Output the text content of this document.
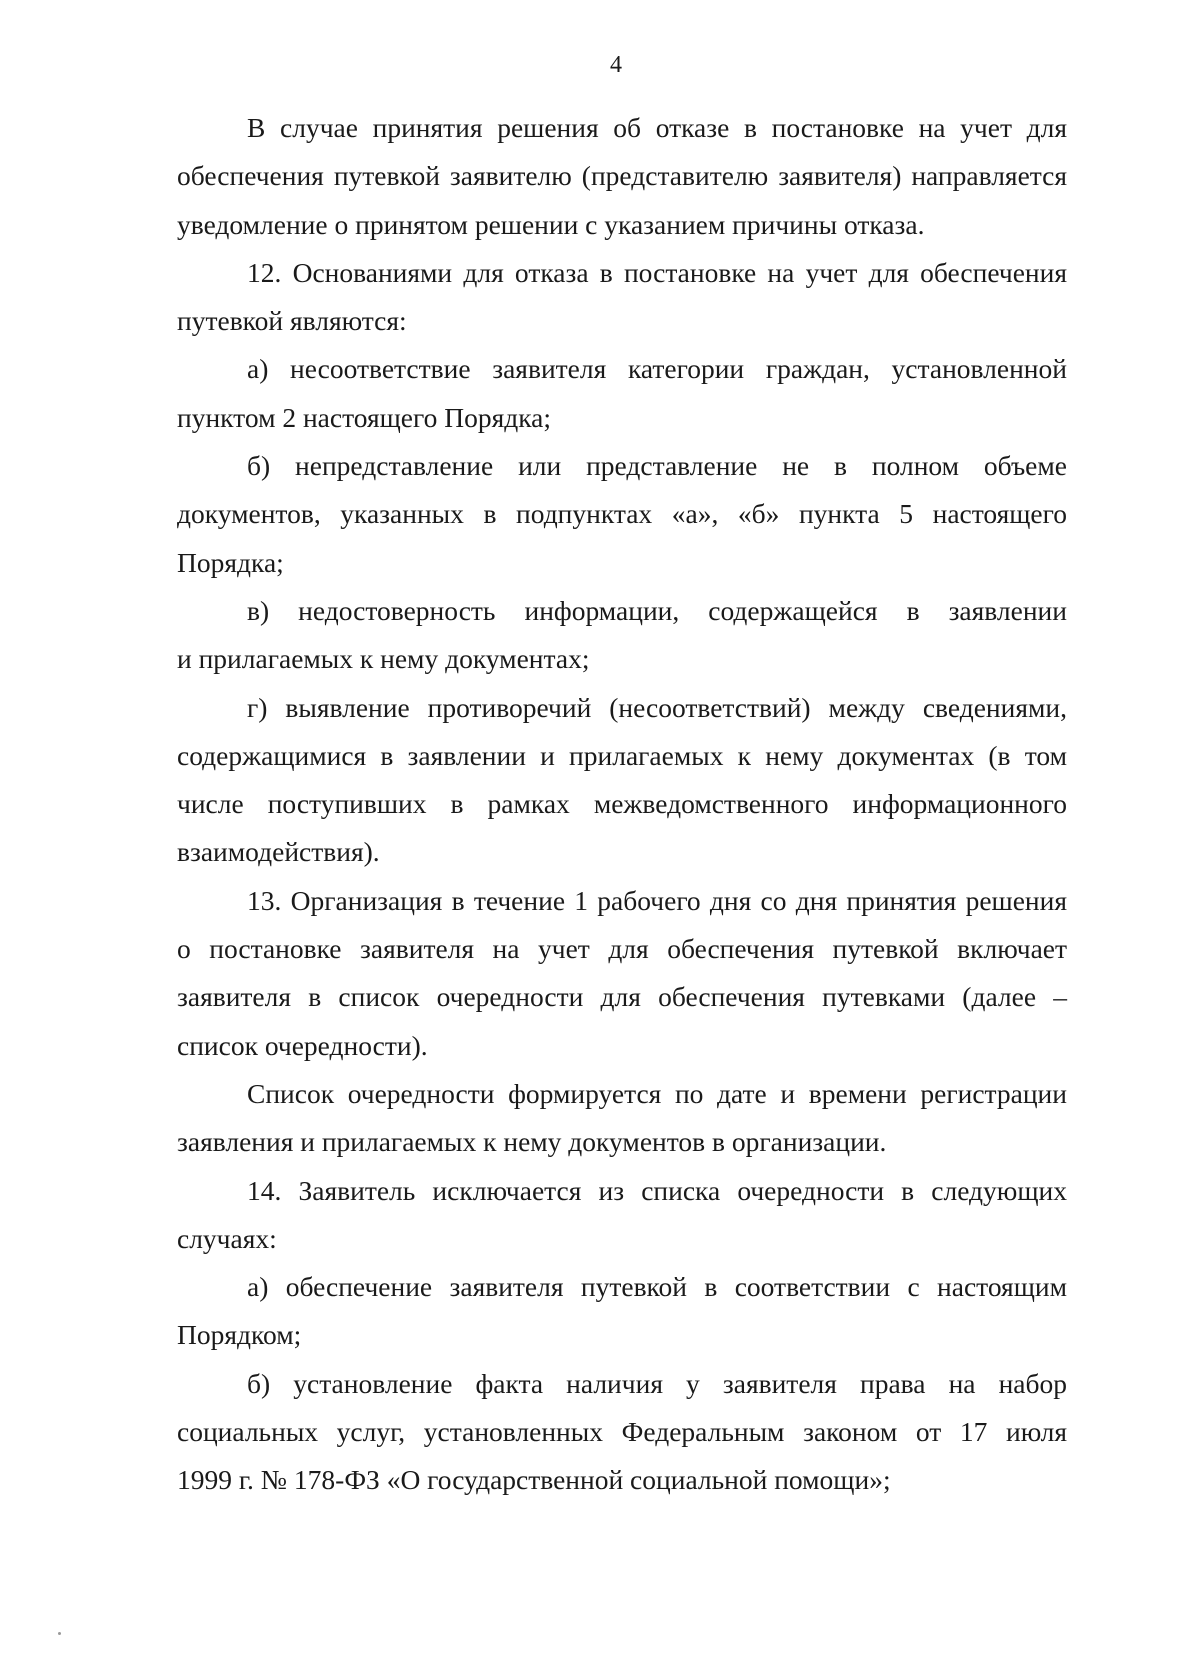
4

В случае принятия решения об отказе в постановке на учет для
обеспечения путевкой заявителю (представителю заявителя) направляется
уведомление о принятом решении с указанием причины отказа.

12. Основаниями для отказа в постановке на учет для обеспечения
путевкой являются:

а) несоответствие заявителя категории граждан, установленной
пунктом 2 настоящего Порядка;

б) непредставление или представление не в полном объеме
документов, указанных в подпунктах «а», «б» пункта 5 настоящего
Порядка;

в) недостоверность информации, содержащейся в заявлении
и прилагаемых к нему документах;

г) выявление противоречий (несоответствий) между сведениями,
содержащимися в заявлении и прилагаемых к нему документах (в том
числе поступивших в рамках межведомственного информационного
взаимодействия).

13. Организация в течение 1 рабочего дня со дня принятия решения
о постановке заявителя на учет для обеспечения путевкой включает
заявителя в список очередности для обеспечения путевками (далее –
список очередности).

Список очередности формируется по дате и времени регистрации
заявления и прилагаемых к нему документов в организации.

14. Заявитель исключается из списка очередности в следующих
случаях:

а) обеспечение заявителя путевкой в соответствии с настоящим
Порядком;

б) установление факта наличия у заявителя права на набор
социальных услуг, установленных Федеральным законом от 17 июля
1999 г. № 178-ФЗ «О государственной социальной помощи»;
